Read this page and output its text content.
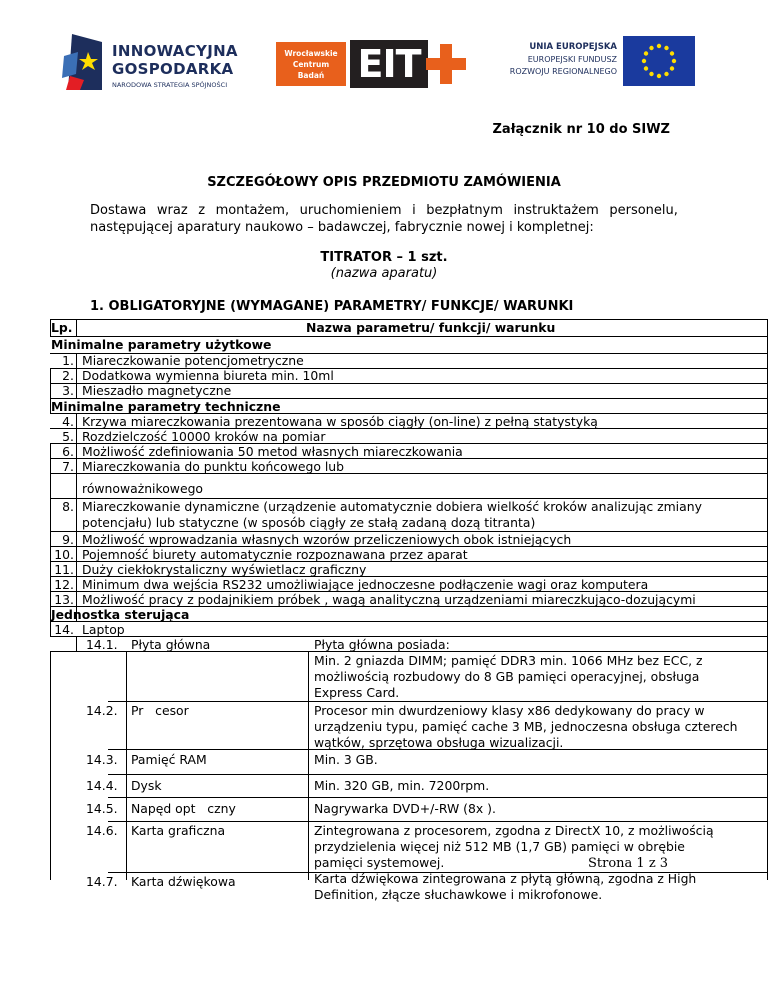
INNOWACYJNA
GOSPODARKA
NARODOWA STRATEGIA SPÓJNOŚCI
Wrocławskie
Centrum
Badań EIT	UNIA EUROPEJSKA
EUROPEJSKI FUNDUSZ
ROZWOJU REGIONALNEGO
Załącznik nr 10 do SIWZ
SZCZEGÓŁOWY OPIS PRZEDMIOTU ZAMÓWIENIA
Dostawa wraz z montażem, uruchomieniem i bezpłatnym instruktażem personelu,
następującej aparatury naukowo – badawczej, fabrycznie nowej i kompletnej:
TITRATOR – 1 szt.
(nazwa aparatu)
1. OBLIGATORYJNE (WYMAGANE) PARAMETRY/ FUNKCJE/ WARUNKI
Lp.	Nazwa parametru/ funkcji/ warunku
Minimalne parametry użytkowe
1. Miareczkowanie potencjometryczne
2. Dodatkowa wymienna biureta min. 10ml
3. Mieszadło magnetyczne
Minimalne parametry techniczne
4. Krzywa miareczkowania prezentowana w sposób ciągły (on-line) z pełną statystyką
5. Rozdzielczość 10000 kroków na pomiar
6. Możliwość zdefiniowania 50 metod własnych miareczkowania
7. Miareczkowania do punktu końcowego lub
równoważnikowego
8. Miareczkowanie dynamiczne (urządzenie automatycznie dobiera wielkość kroków analizując zmiany
potencjału) lub statyczne (w sposób ciągły ze stałą zadaną dozą titranta)
9. Możliwość wprowadzania własnych wzorów przeliczeniowych obok istniejących
10. Pojemność biurety automatycznie rozpoznawana przez aparat
11. Duży ciekłokrystaliczny wyświetlacz graficzny
12. Minimum dwa wejścia RS232 umożliwiające jednoczesne podłączenie wagi oraz komputera
13. Możliwość pracy z podajnikiem próbek , wagą analityczną urządzeniami miareczkująco-dozującymi
Jednostka sterująca
14. Laptop
14.1. Płyta główna	Płyta główna posiada:
Min. 2 gniazda DIMM; pamięć DDR3 min. 1066 MHz bez ECC, z
możliwością rozbudowy do 8 GB pamięci operacyjnej, obsługa
Express Card.
14.2. Pr   cesor	Procesor min dwurdzeniowy klasy x86 dedykowany do pracy w
urządzeniu typu, pamięć cache 3 MB, jednoczesna obsługa czterech
wątków, sprzętowa obsługa wizualizacji.
14.3. Pamięć RAM	Min. 3 GB.
14.4. Dysk	Min. 320 GB, min. 7200rpm.
14.5. Napęd opt   czny	Nagrywarka DVD+/-RW (8x ).
14.6. Karta graficzna	Zintegrowana z procesorem, zgodna z DirectX 10, z możliwością
przydzielenia więcej niż 512 MB (1,7 GB) pamięci w obrębie
pamięci systemowej.
14.7. Karta dźwiękowa	Karta dźwiękowa zintegrowana z płytą główną, zgodna z High
Definition, złącze słuchawkowe i mikrofonowe.
Strona 1 z 3
